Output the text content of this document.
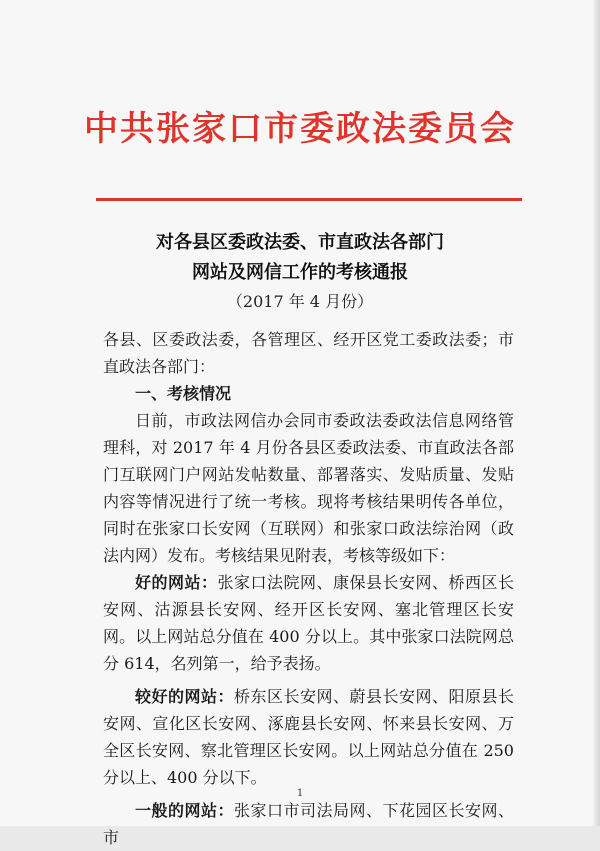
中共张家口市委政法委员会
对各县区委政法委、市直政法各部门
网站及网信工作的考核通报
（2017 年 4 月份）

各县、区委政法委，各管理区、经开区党工委政法委；市直政法各部门：

一、考核情况

日前，市政法网信办会同市委政法委政法信息网络管理科，对 2017 年 4 月份各县区委政法委、市直政法各部门互联网门户网站发帖数量、部署落实、发贴质量、发贴内容等情况进行了统一考核。现将考核结果明传各单位，同时在张家口长安网（互联网）和张家口政法综治网（政法内网）发布。考核结果见附表，考核等级如下：

好的网站：张家口法院网、康保县长安网、桥西区长安网、沽源县长安网、经开区长安网、塞北管理区长安网。以上网站总分值在 400 分以上。其中张家口法院网总分 614，名列第一，给予表扬。

较好的网站：桥东区长安网、蔚县长安网、阳原县长安网、宣化区长安网、涿鹿县长安网、怀来县长安网、万全区长安网、察北管理区长安网。以上网站总分值在 250 分以上、400 分以下。

一般的网站：张家口市司法局网、下花园区长安网、市

1
